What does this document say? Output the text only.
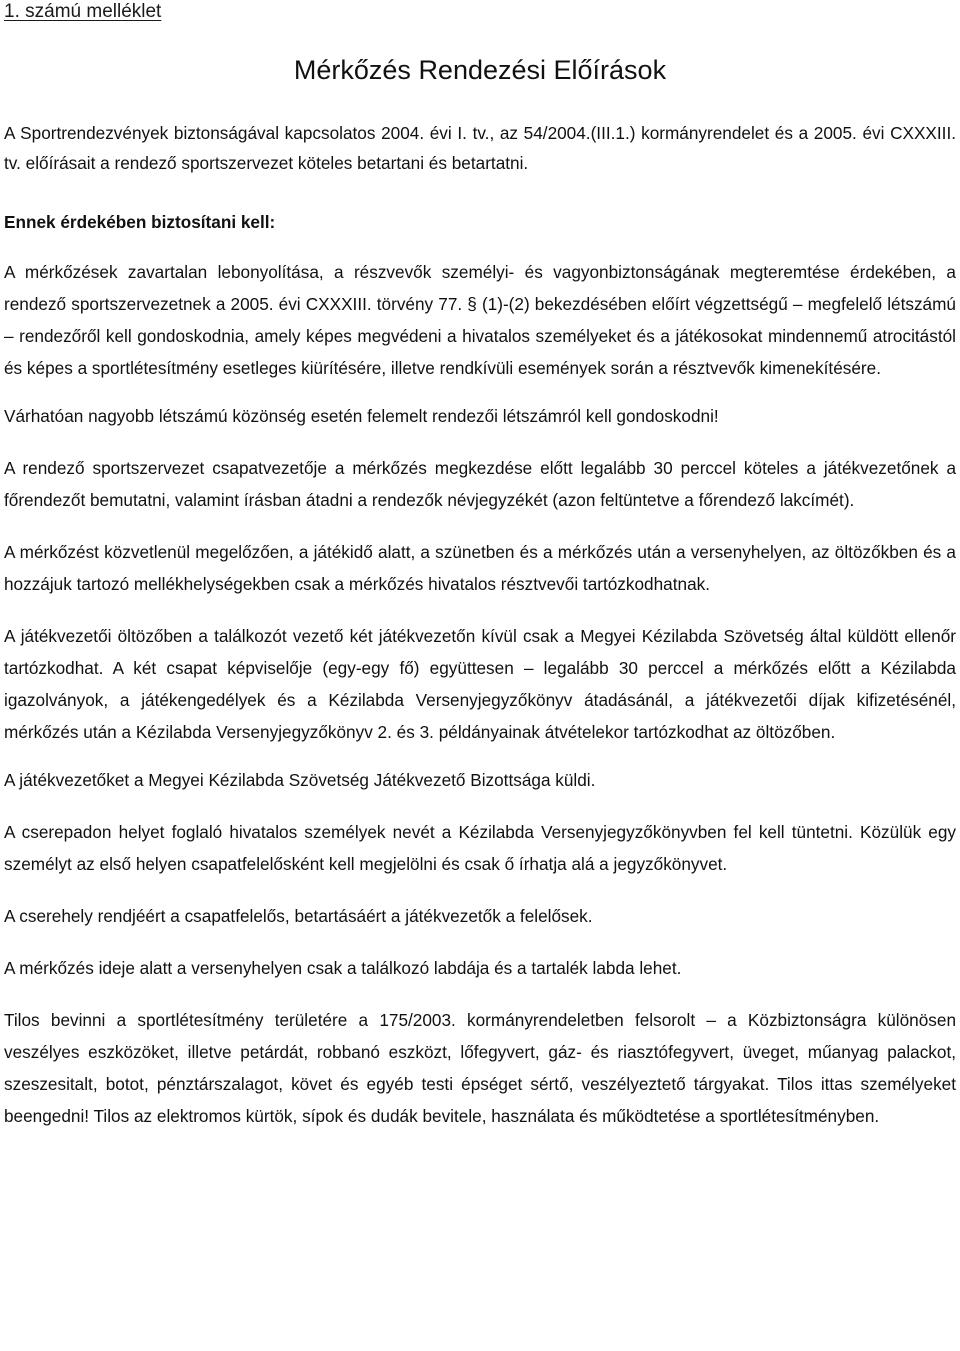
1. számú melléklet
Mérkőzés Rendezési Előírások

A Sportrendezvények biztonságával kapcsolatos 2004. évi I. tv., az 54/2004.(III.1.) kormányrendelet és a 2005. évi CXXXIII. tv. előírásait a rendező sportszervezet köteles betartani és betartatni.

Ennek érdekében biztosítani kell:

A mérkőzések zavartalan lebonyolítása, a részvevők személyi- és vagyonbiztonságának megteremtése érdekében, a rendező sportszervezetnek a 2005. évi CXXXIII. törvény 77. § (1)-(2) bekezdésében előírt végzettségű – megfelelő létszámú – rendezőről kell gondoskodnia, amely képes megvédeni a hivatalos személyeket és a játékosokat mindennemű atrocitástól és képes a sportlétesítmény esetleges kiürítésére, illetve rendkívüli események során a résztvevők kimenekítésére.

Várhatóan nagyobb létszámú közönség esetén felemelt rendezői létszámról kell gondoskodni!

A rendező sportszervezet csapatvezetője a mérkőzés megkezdése előtt legalább 30 perccel köteles a játékvezetőnek a főrendezőt bemutatni, valamint írásban átadni a rendezők névjegyzékét (azon feltüntetve a főrendező lakcímét).

A mérkőzést közvetlenül megelőzően, a játékidő alatt, a szünetben és a mérkőzés után a versenyhelyen, az öltözőkben és a hozzájuk tartozó mellékhelységekben csak a mérkőzés hivatalos résztvevői tartózkodhatnak.

A játékvezetői öltözőben a találkozót vezető két játékvezetőn kívül csak a Megyei Kézilabda Szövetség által küldött ellenőr tartózkodhat. A két csapat képviselője (egy-egy fő) együttesen – legalább 30 perccel a mérkőzés előtt a Kézilabda igazolványok, a játékengedélyek és a Kézilabda Versenyjegyzőkönyv átadásánál, a játékvezetői díjak kifizetésénél, mérkőzés után a Kézilabda Versenyjegyzőkönyv 2. és 3. példányainak átvételekor tartózkodhat az öltözőben.

A játékvezetőket a Megyei Kézilabda Szövetség Játékvezető Bizottsága küldi.

A cserepadon helyet foglaló hivatalos személyek nevét a Kézilabda Versenyjegyzőkönyvben fel kell tüntetni. Közülük egy személyt az első helyen csapatfelelősként kell megjelölni és csak ő írhatja alá a jegyzőkönyvet.

A cserehely rendjéért a csapatfelelős, betartásáért a játékvezetők a felelősek.

A mérkőzés ideje alatt a versenyhelyen csak a találkozó labdája és a tartalék labda lehet.

Tilos bevinni a sportlétesítmény területére a 175/2003. kormányrendeletben felsorolt – a Közbiztonságra különösen veszélyes eszközöket, illetve petárdát, robbanó eszközt, lőfegyvert, gáz- és riasztófegyvert, üveget, műanyag palackot, szeszesitalt, botot, pénztárszalagot, követ és egyéb testi épséget sértő, veszélyeztető tárgyakat. Tilos ittas személyeket beengedni! Tilos az elektromos kürtök, sípok és dudák bevitele, használata és működtetése a sportlétesítményben.
